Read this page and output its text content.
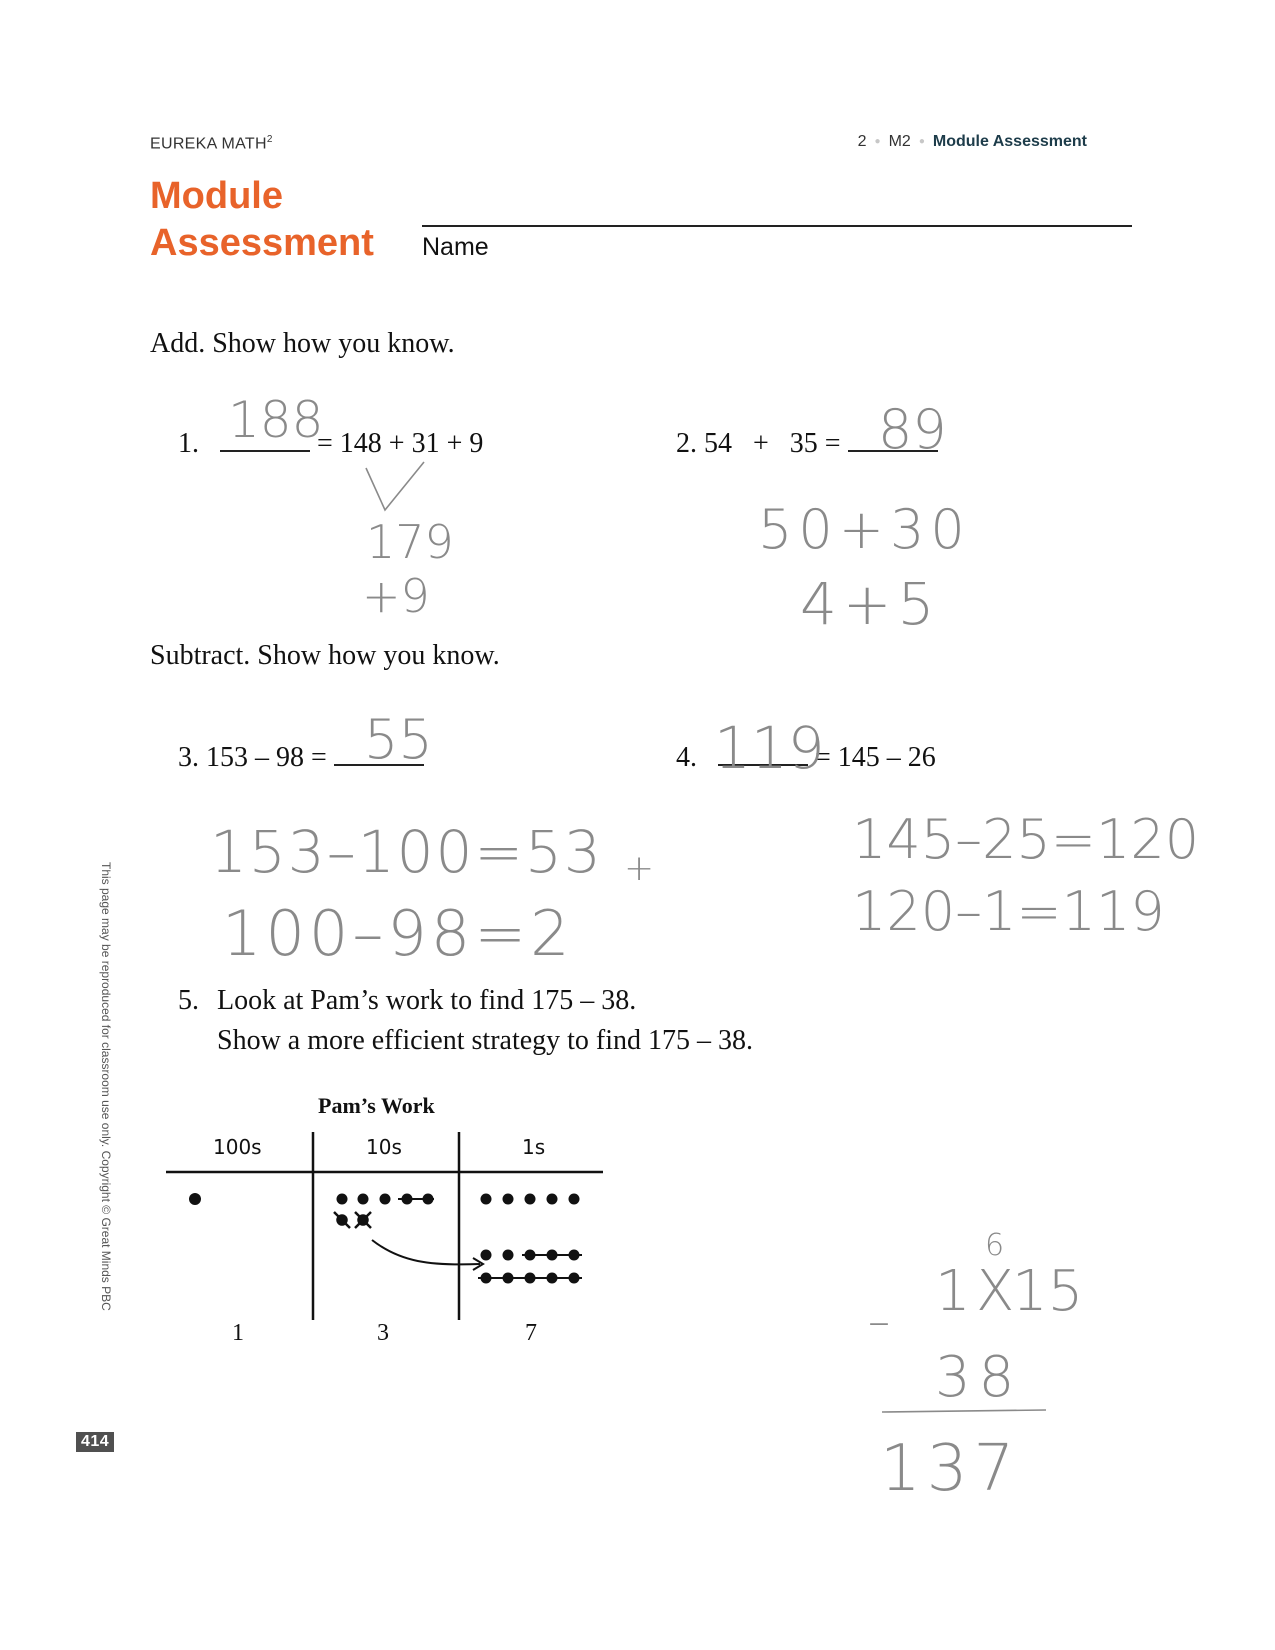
EUREKA MATH$^2$	2 ● M2 ● Module Assessment
Module
Assessment Name
Add. Show how you know.
Subtract. Show how you know.
1.	= 148 + 31 + 9	2. 54   +   35 =
3. 153 – 98 =	4.	= 145 – 26
5. Look at Pam’s work to find 175 – 38.
Show a more efficient strategy to find 175 – 38.
Pam’s Work
100s	10s	1s
1	3	7
188
179
+9
89
50+30
4+5
55
153–100=53 +
100–98=2
119
145–25=120
120–1=119
6
1 X
15
–
38
137
This page may be reproduced for classroom use only. Copyright © Great Minds PBC
414
